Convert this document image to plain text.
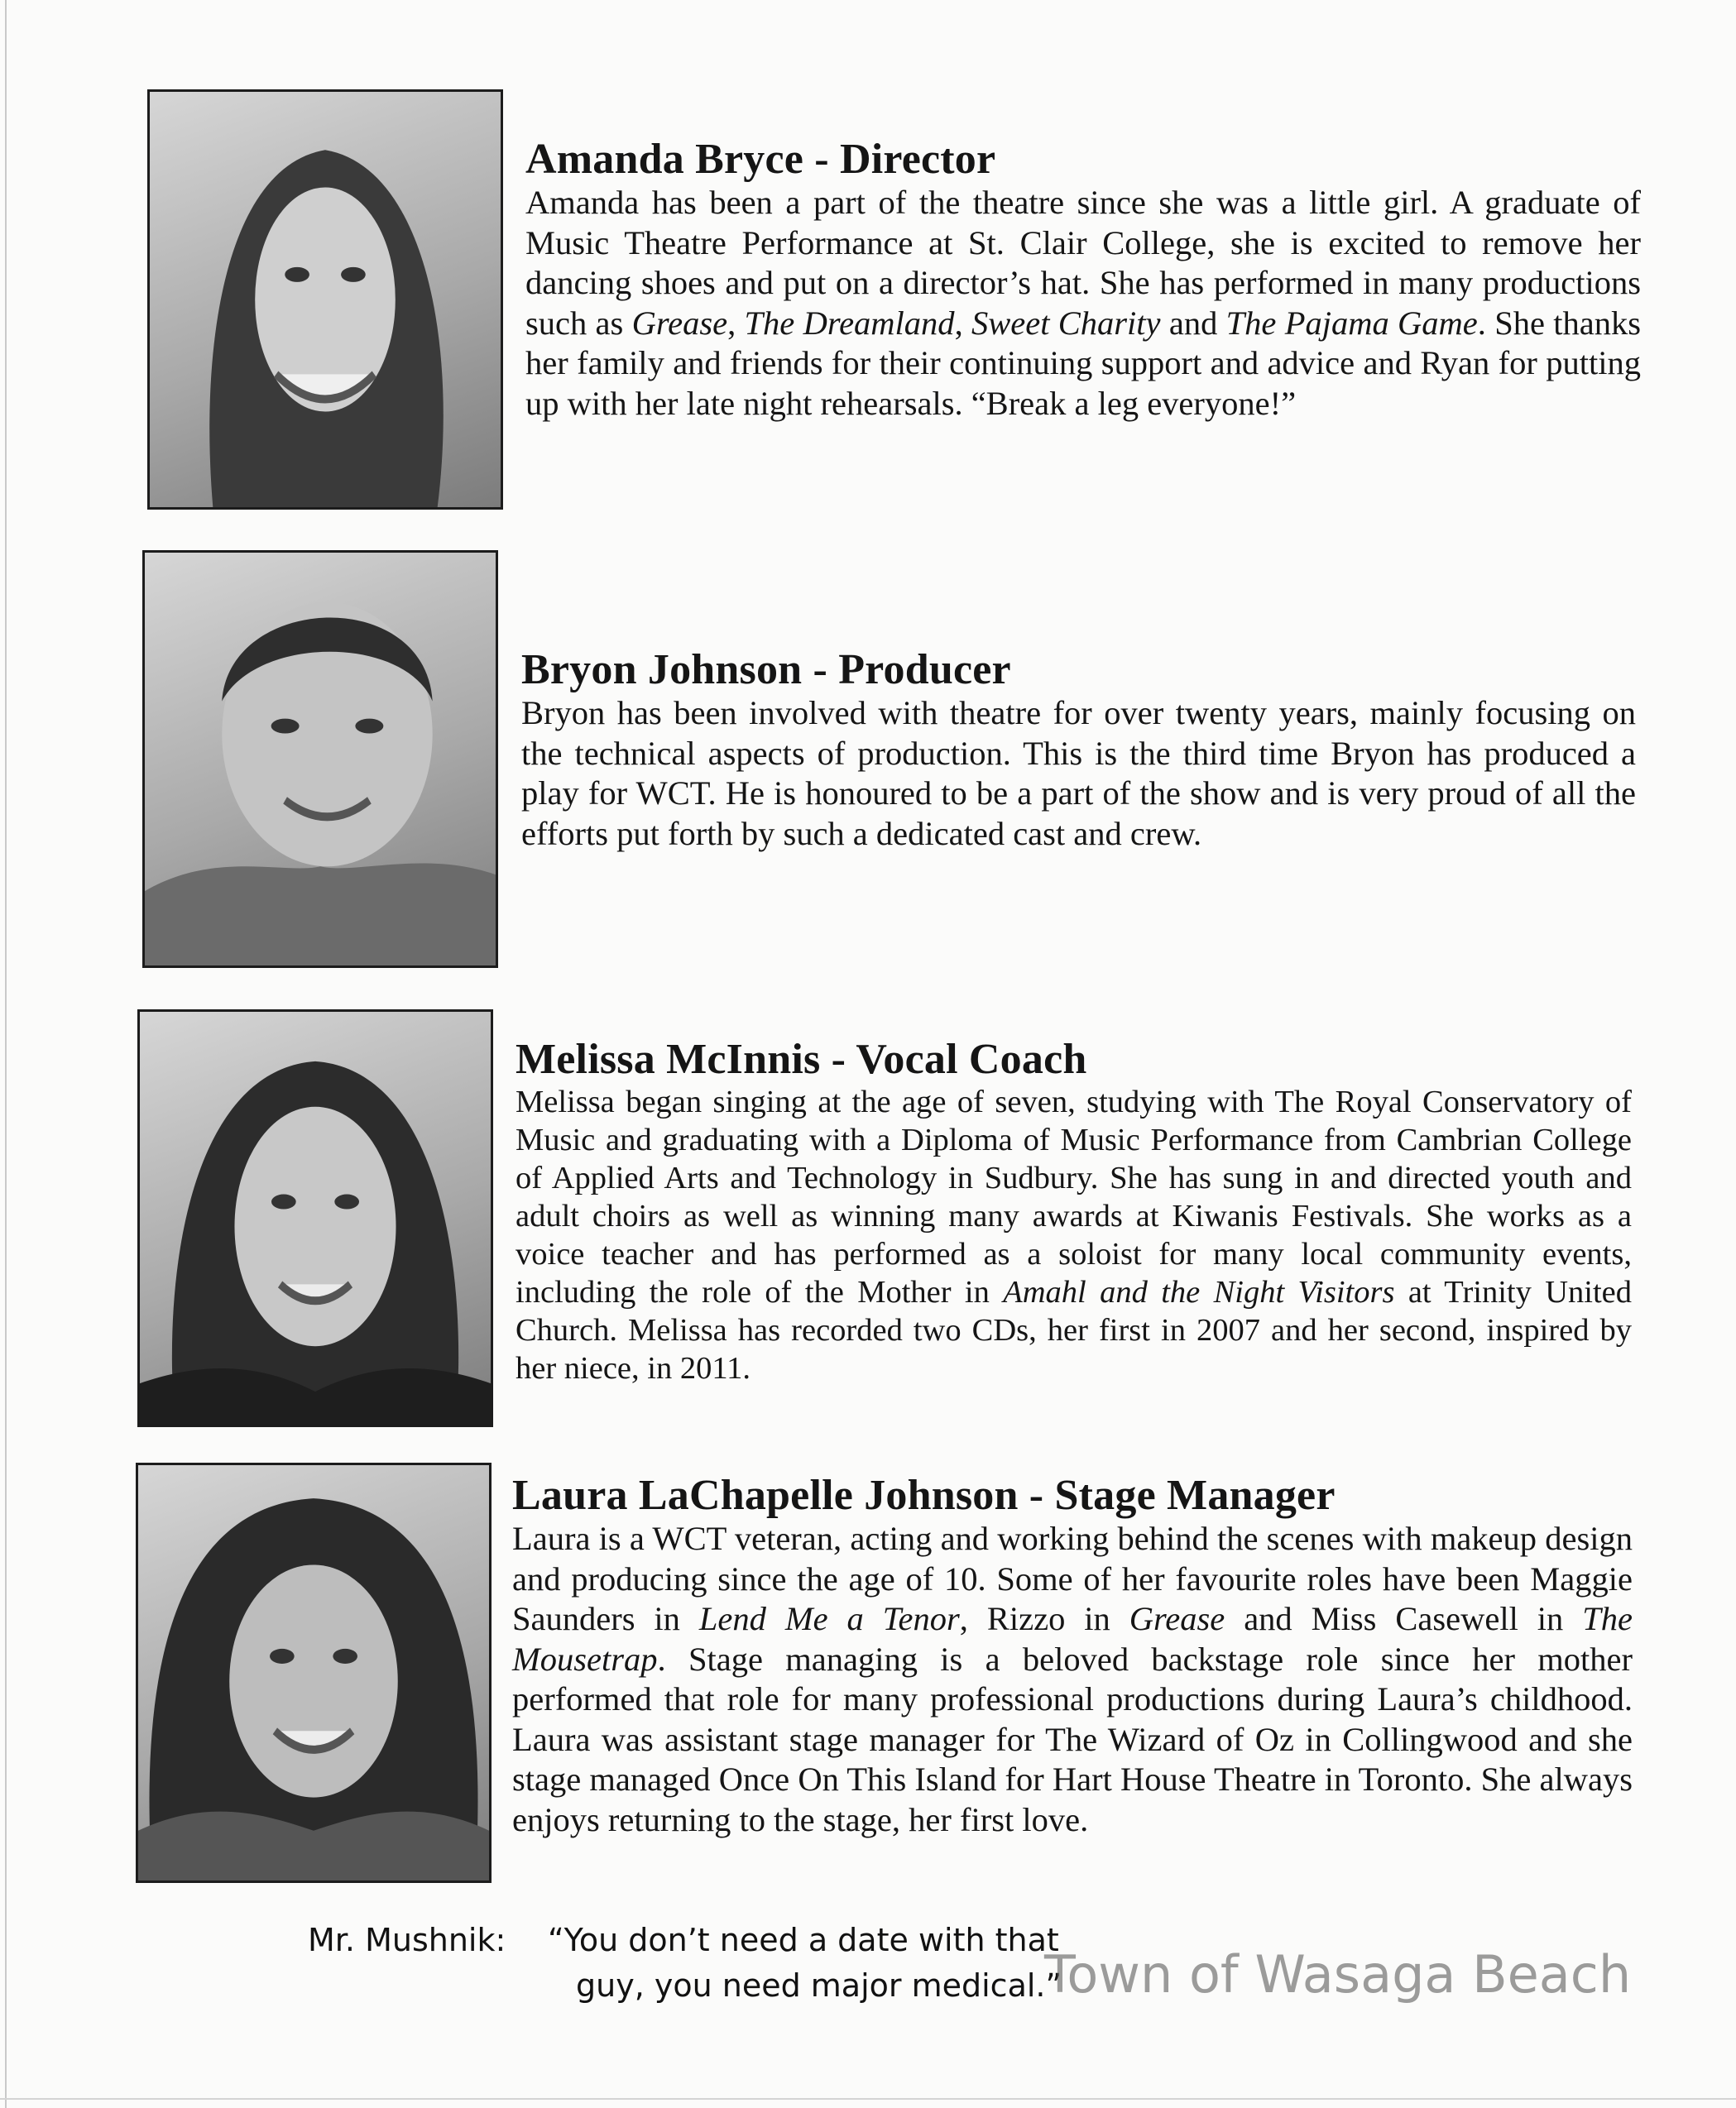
Amanda Bryce - Director

Amanda has been a part of the theatre since she was a little girl. A graduate of Music Theatre Performance at St. Clair College, she is excited to remove her dancing shoes and put on a director’s hat. She has performed in many productions such as Grease, The Dreamland, Sweet Charity and The Pajama Game. She thanks her family and friends for their continuing support and advice and Ryan for putting up with her late night rehearsals. “Break a leg everyone!”

Bryon Johnson - Producer

Bryon has been involved with theatre for over twenty years, mainly focusing on the technical aspects of production. This is the third time Bryon has produced a play for WCT. He is honoured to be a part of the show and is very proud of all the efforts put forth by such a dedicated cast and crew.

Melissa McInnis - Vocal Coach

Melissa began singing at the age of seven, studying with The Royal Conservatory of Music and graduating with a Diploma of Music Performance from Cambrian College of Applied Arts and Technology in Sudbury. She has sung in and directed youth and adult choirs as well as winning many awards at Kiwanis Festivals. She works as a voice teacher and has performed as a soloist for many local community events, including the role of the Mother in Amahl and the Night Visitors at Trinity United Church. Melissa has recorded two CDs, her first in 2007 and her second, inspired by her niece, in 2011.

Laura LaChapelle Johnson - Stage Manager

Laura is a WCT veteran, acting and working behind the scenes with makeup design and producing since the age of 10. Some of her favourite roles have been Maggie Saunders in Lend Me a Tenor, Rizzo in Grease and Miss Casewell in The Mousetrap. Stage managing is a beloved backstage role since her mother performed that role for many professional productions during Laura’s childhood. Laura was assistant stage manager for The Wizard of Oz in Collingwood and she stage managed Once On This Island for Hart House Theatre in Toronto. She always enjoys returning to the stage, her first love.

Mr. Mushnik: “You don’t need a date with that
guy, you need major medical.”
Town of Wasaga Beach
